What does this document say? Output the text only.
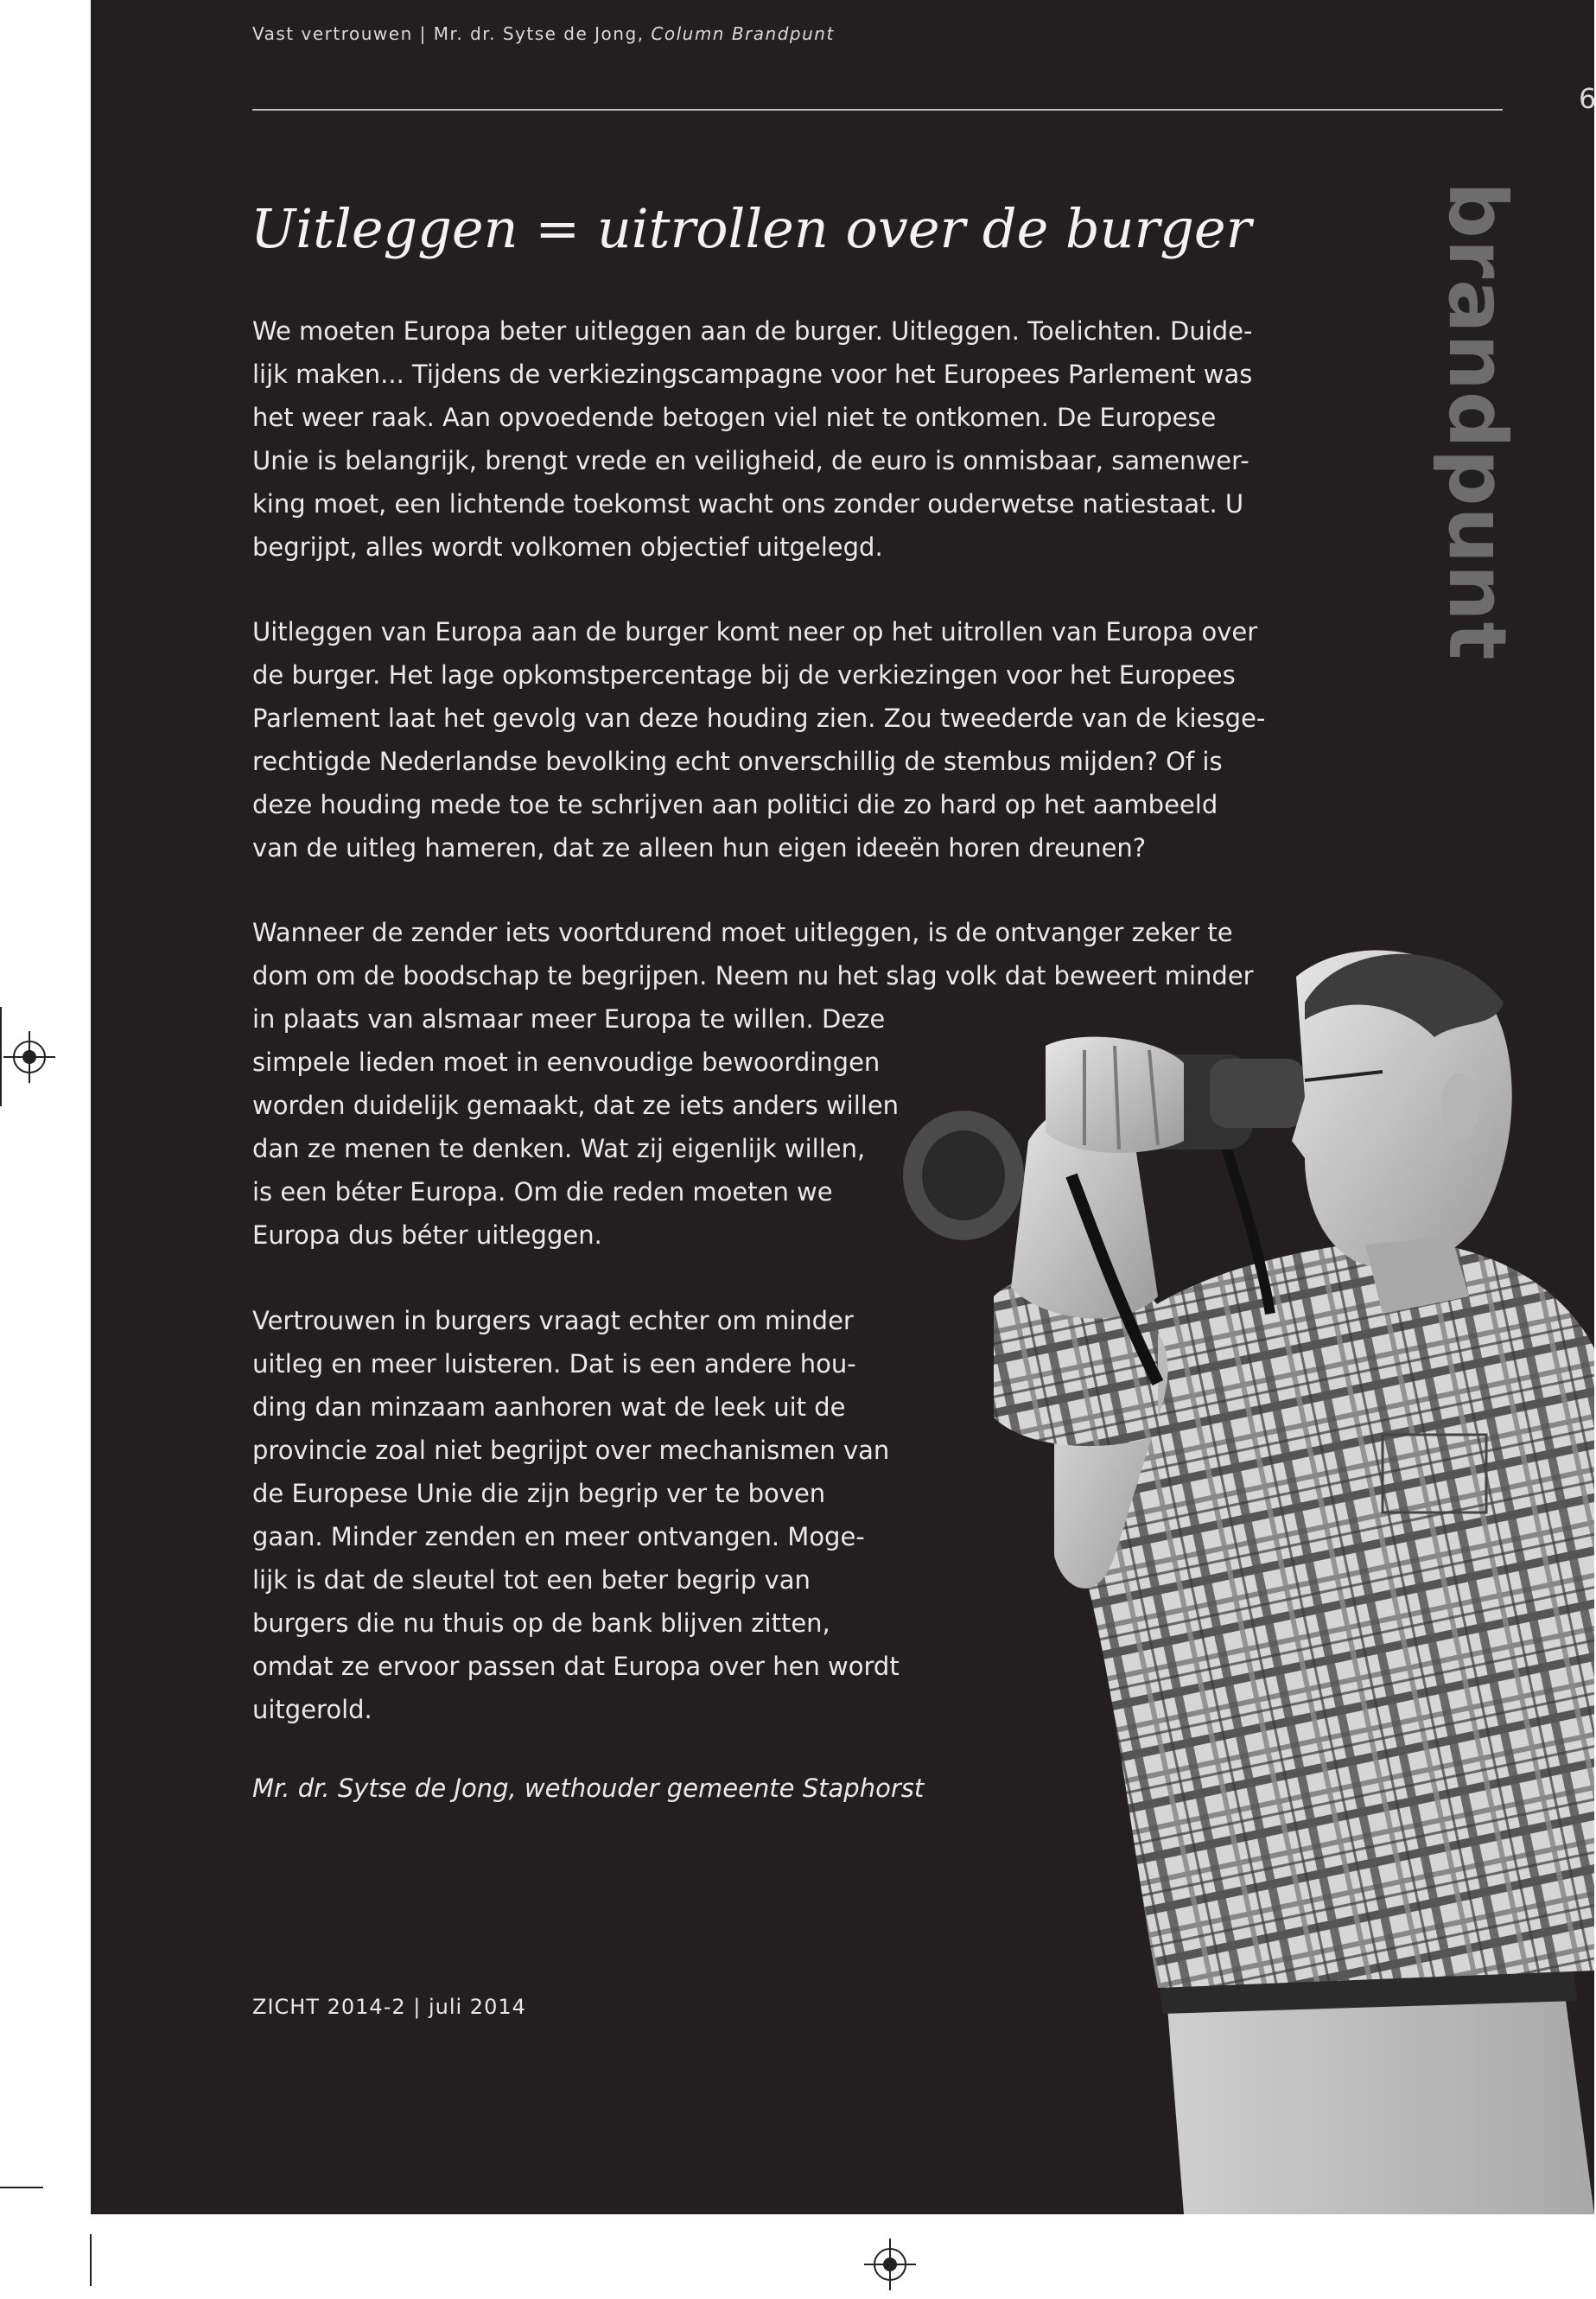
Vast vertrouwen | Mr. dr. Sytse de Jong, Column Brandpunt
6
brandpunt
Uitleggen = uitrollen over de burger
We moeten Europa beter uitleggen aan de burger. Uitleggen. Toelichten. Duide-
lijk maken... Tijdens de verkiezingscampagne voor het Europees Parlement was
het weer raak. Aan opvoedende betogen viel niet te ontkomen. De Europese
Unie is belangrijk, brengt vrede en veiligheid, de euro is onmisbaar, samenwer-
king moet, een lichtende toekomst wacht ons zonder ouderwetse natiestaat. U
begrijpt, alles wordt volkomen objectief uitgelegd.
Uitleggen van Europa aan de burger komt neer op het uitrollen van Europa over
de burger. Het lage opkomstpercentage bij de verkiezingen voor het Europees
Parlement laat het gevolg van deze houding zien. Zou tweederde van de kiesge-
rechtigde Nederlandse bevolking echt onverschillig de stembus mijden? Of is
deze houding mede toe te schrijven aan politici die zo hard op het aambeeld
van de uitleg hameren, dat ze alleen hun eigen ideeën horen dreunen?
Wanneer de zender iets voortdurend moet uitleggen, is de ontvanger zeker te
dom om de boodschap te begrijpen. Neem nu het slag volk dat beweert minder
in plaats van alsmaar meer Europa te willen. Deze
simpele lieden moet in eenvoudige bewoordingen
worden duidelijk gemaakt, dat ze iets anders willen
dan ze menen te denken. Wat zij eigenlijk willen,
is een béter Europa. Om die reden moeten we
Europa dus béter uitleggen.
Vertrouwen in burgers vraagt echter om minder
uitleg en meer luisteren. Dat is een andere hou-
ding dan minzaam aanhoren wat de leek uit de
provincie zoal niet begrijpt over mechanismen van
de Europese Unie die zijn begrip ver te boven
gaan. Minder zenden en meer ontvangen. Moge-
lijk is dat de sleutel tot een beter begrip van
burgers die nu thuis op de bank blijven zitten,
omdat ze ervoor passen dat Europa over hen wordt
uitgerold.
Mr. dr. Sytse de Jong, wethouder gemeente Staphorst
ZICHT 2014-2 | juli 2014
